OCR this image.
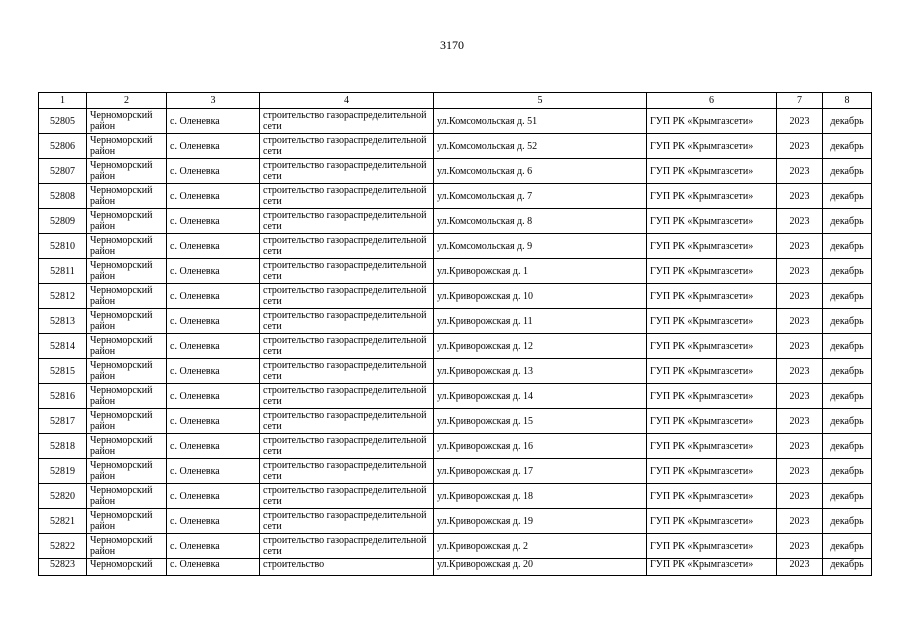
3170
1	2	3	4	5	6	7	8
52805	Черноморский район	с. Оленевка	строительство газораспределительной сети	ул.Комсомольская д. 51	ГУП РК «Крымгазсети»	2023	декабрь
52806	Черноморский район	с. Оленевка	строительство газораспределительной сети	ул.Комсомольская д. 52	ГУП РК «Крымгазсети»	2023	декабрь
52807	Черноморский район	с. Оленевка	строительство газораспределительной сети	ул.Комсомольская д. 6	ГУП РК «Крымгазсети»	2023	декабрь
52808	Черноморский район	с. Оленевка	строительство газораспределительной сети	ул.Комсомольская д. 7	ГУП РК «Крымгазсети»	2023	декабрь
52809	Черноморский район	с. Оленевка	строительство газораспределительной сети	ул.Комсомольская д. 8	ГУП РК «Крымгазсети»	2023	декабрь
52810	Черноморский район	с. Оленевка	строительство газораспределительной сети	ул.Комсомольская д. 9	ГУП РК «Крымгазсети»	2023	декабрь
52811	Черноморский район	с. Оленевка	строительство газораспределительной сети	ул.Криворожская д. 1	ГУП РК «Крымгазсети»	2023	декабрь
52812	Черноморский район	с. Оленевка	строительство газораспределительной сети	ул.Криворожская д. 10	ГУП РК «Крымгазсети»	2023	декабрь
52813	Черноморский район	с. Оленевка	строительство газораспределительной сети	ул.Криворожская д. 11	ГУП РК «Крымгазсети»	2023	декабрь
52814	Черноморский район	с. Оленевка	строительство газораспределительной сети	ул.Криворожская д. 12	ГУП РК «Крымгазсети»	2023	декабрь
52815	Черноморский район	с. Оленевка	строительство газораспределительной сети	ул.Криворожская д. 13	ГУП РК «Крымгазсети»	2023	декабрь
52816	Черноморский район	с. Оленевка	строительство газораспределительной сети	ул.Криворожская д. 14	ГУП РК «Крымгазсети»	2023	декабрь
52817	Черноморский район	с. Оленевка	строительство газораспределительной сети	ул.Криворожская д. 15	ГУП РК «Крымгазсети»	2023	декабрь
52818	Черноморский район	с. Оленевка	строительство газораспределительной сети	ул.Криворожская д. 16	ГУП РК «Крымгазсети»	2023	декабрь
52819	Черноморский район	с. Оленевка	строительство газораспределительной сети	ул.Криворожская д. 17	ГУП РК «Крымгазсети»	2023	декабрь
52820	Черноморский район	с. Оленевка	строительство газораспределительной сети	ул.Криворожская д. 18	ГУП РК «Крымгазсети»	2023	декабрь
52821	Черноморский район	с. Оленевка	строительство газораспределительной сети	ул.Криворожская д. 19	ГУП РК «Крымгазсети»	2023	декабрь
52822	Черноморский район	с. Оленевка	строительство газораспределительной сети	ул.Криворожская д. 2	ГУП РК «Крымгазсети»	2023	декабрь
52823	Черноморский	с. Оленевка	строительство	ул.Криворожская д. 20	ГУП РК «Крымгазсети»	2023	декабрь
